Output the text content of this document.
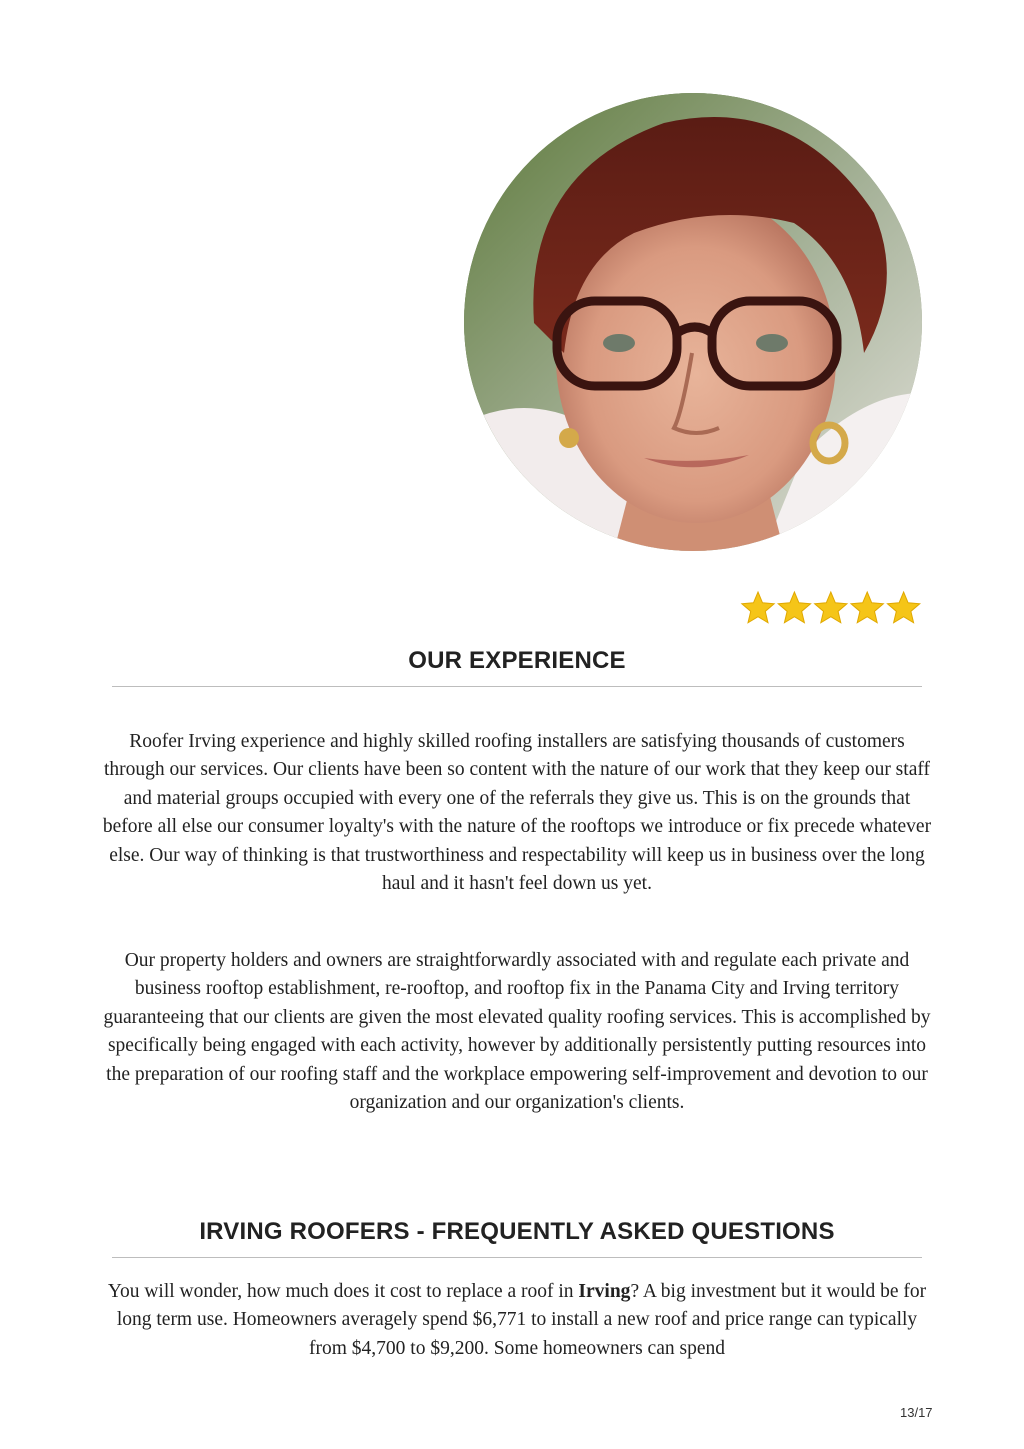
OUR EXPERIENCE

Roofer Irving experience and highly skilled roofing installers are satisfying thousands of customers through our services. Our clients have been so content with the nature of our work that they keep our staff and material groups occupied with every one of the referrals they give us. This is on the grounds that before all else our consumer loyalty's with the nature of the rooftops we introduce or fix precede whatever else. Our way of thinking is that trustworthiness and respectability will keep us in business over the long haul and it hasn't feel down us yet.

Our property holders and owners are straightforwardly associated with and regulate each private and business rooftop establishment, re-rooftop, and rooftop fix in the Panama City and Irving territory guaranteeing that our clients are given the most elevated quality roofing services. This is accomplished by specifically being engaged with each activity, however by additionally persistently putting resources into the preparation of our roofing staff and the workplace empowering self-improvement and devotion to our organization and our organization's clients.

IRVING ROOFERS - FREQUENTLY ASKED QUESTIONS

You will wonder, how much does it cost to replace a roof in Irving? A big investment but it would be for long term use. Homeowners averagely spend $6,771 to install a new roof and price range can typically from $4,700 to $9,200. Some homeowners can spend

13/17
